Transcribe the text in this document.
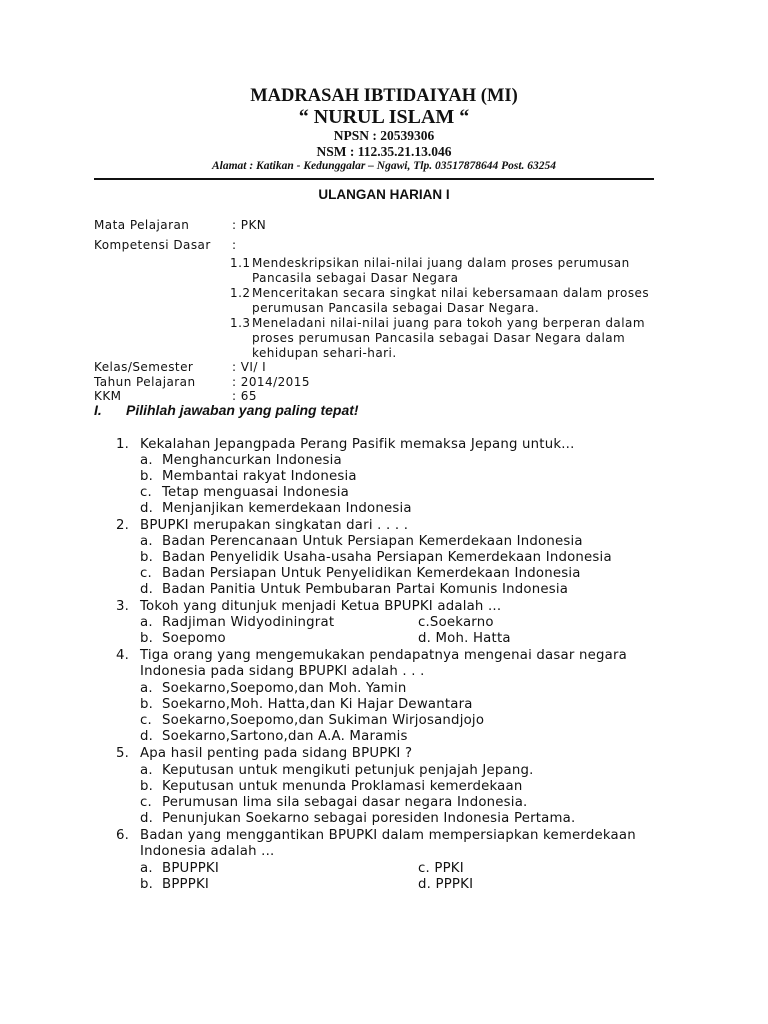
MADRASAH IBTIDAIYAH (MI)
“ NURUL ISLAM “
NPSN : 20539306
NSM : 112.35.21.13.046
Alamat : Katikan - Kedunggalar – Ngawi, Tlp. 03517878644 Post. 63254
ULANGAN HARIAN I
Mata Pelajaran	: PKN
Kompetensi Dasar :
1.1 Mendeskripsikan nilai-nilai juang dalam proses perumusan
Pancasila sebagai Dasar Negara
1.2 Menceritakan secara singkat nilai kebersamaan dalam proses
perumusan Pancasila sebagai Dasar Negara.
1.3 Meneladani nilai-nilai juang para tokoh yang berperan dalam
proses perumusan Pancasila sebagai Dasar Negara dalam
kehidupan sehari-hari.
Kelas/Semester	: VI/ I
Tahun Pelajaran	: 2014/2015
KKM	: 65
I. Pilihlah jawaban yang paling tepat!
1. Kekalahan Jepangpada Perang Pasifik memaksa Jepang untuk...
a. Menghancurkan Indonesia
b. Membantai rakyat Indonesia
c. Tetap menguasai Indonesia
d. Menjanjikan kemerdekaan Indonesia
2. BPUPKI merupakan singkatan dari . . . .
a. Badan Perencanaan Untuk Persiapan Kemerdekaan Indonesia
b. Badan Penyelidik Usaha-usaha Persiapan Kemerdekaan Indonesia
c. Badan Persiapan Untuk Penyelidikan Kemerdekaan Indonesia
d. Badan Panitia Untuk Pembubaran Partai Komunis Indonesia
3. Tokoh yang ditunjuk menjadi Ketua BPUPKI adalah ...
a. Radjiman Widyodiningrat	c.Soekarno
b. Soepomo	d. Moh. Hatta
4. Tiga orang yang mengemukakan pendapatnya mengenai dasar negara
Indonesia pada sidang BPUPKI adalah . . .
a. Soekarno,Soepomo,dan Moh. Yamin
b. Soekarno,Moh. Hatta,dan Ki Hajar Dewantara
c. Soekarno,Soepomo,dan Sukiman Wirjosandjojo
d. Soekarno,Sartono,dan A.A. Maramis
5. Apa hasil penting pada sidang BPUPKI ?
a. Keputusan untuk mengikuti petunjuk penjajah Jepang.
b. Keputusan untuk menunda Proklamasi kemerdekaan
c. Perumusan lima sila sebagai dasar negara Indonesia.
d. Penunjukan Soekarno sebagai poresiden Indonesia Pertama.
6. Badan yang menggantikan BPUPKI dalam mempersiapkan kemerdekaan
Indonesia adalah ...
a. BPUPPKI	c. PPKI
b. BPPPKI	d. PPPKI
